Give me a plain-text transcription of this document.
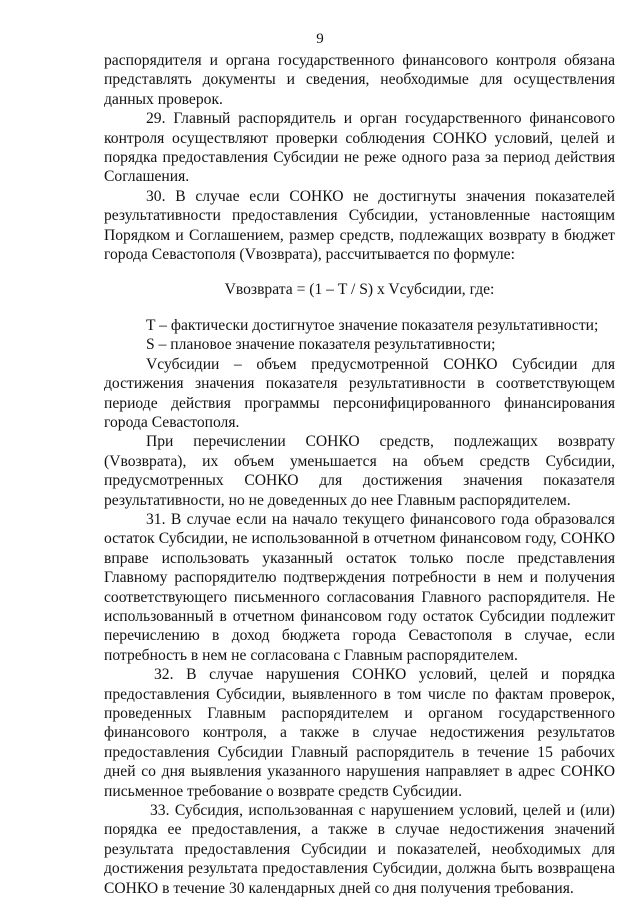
9

распорядителя и органа государственного финансового контроля обязана представлять документы и сведения, необходимые для осуществления данных проверок.

29. Главный распорядитель и орган государственного финансового контроля осуществляют проверки соблюдения СОНКО условий, целей и порядка предоставления Субсидии не реже одного раза за период действия Соглашения.

30. В случае если СОНКО не достигнуты значения показателей результативности предоставления Субсидии, установленные настоящим Порядком и Соглашением, размер средств, подлежащих возврату в бюджет города Севастополя (Vвозврата), рассчитывается по формуле:

Vвозврата = (1 – T / S) x Vсубсидии, где:

T – фактически достигнутое значение показателя результативности;

S – плановое значение показателя результативности;

Vсубсидии – объем предусмотренной СОНКО Субсидии для достижения значения показателя результативности в соответствующем периоде действия программы персонифицированного финансирования города Севастополя.

При перечислении СОНКО средств, подлежащих возврату (Vвозврата), их объем уменьшается на объем средств Субсидии, предусмотренных СОНКО для достижения значения показателя результативности, но не доведенных до нее Главным распорядителем.

31. В случае если на начало текущего финансового года образовался остаток Субсидии, не использованной в отчетном финансовом году, СОНКО вправе использовать указанный остаток только после представления Главному распорядителю подтверждения потребности в нем и получения соответствующего письменного согласования Главного распорядителя. Не использованный в отчетном финансовом году остаток Субсидии подлежит перечислению в доход бюджета города Севастополя в случае, если потребность в нем не согласована с Главным распорядителем.

32. В случае нарушения СОНКО условий, целей и порядка предоставления Субсидии, выявленного в том числе по фактам проверок, проведенных Главным распорядителем и органом государственного финансового контроля, а также в случае недостижения результатов предоставления Субсидии Главный распорядитель в течение 15 рабочих дней со дня выявления указанного нарушения направляет в адрес СОНКО письменное требование о возврате средств Субсидии.

33. Субсидия, использованная с нарушением условий, целей и (или) порядка ее предоставления, а также в случае недостижения значений результата предоставления Субсидии и показателей, необходимых для достижения результата предоставления Субсидии, должна быть возвращена СОНКО в течение 30 календарных дней со дня получения требования.
